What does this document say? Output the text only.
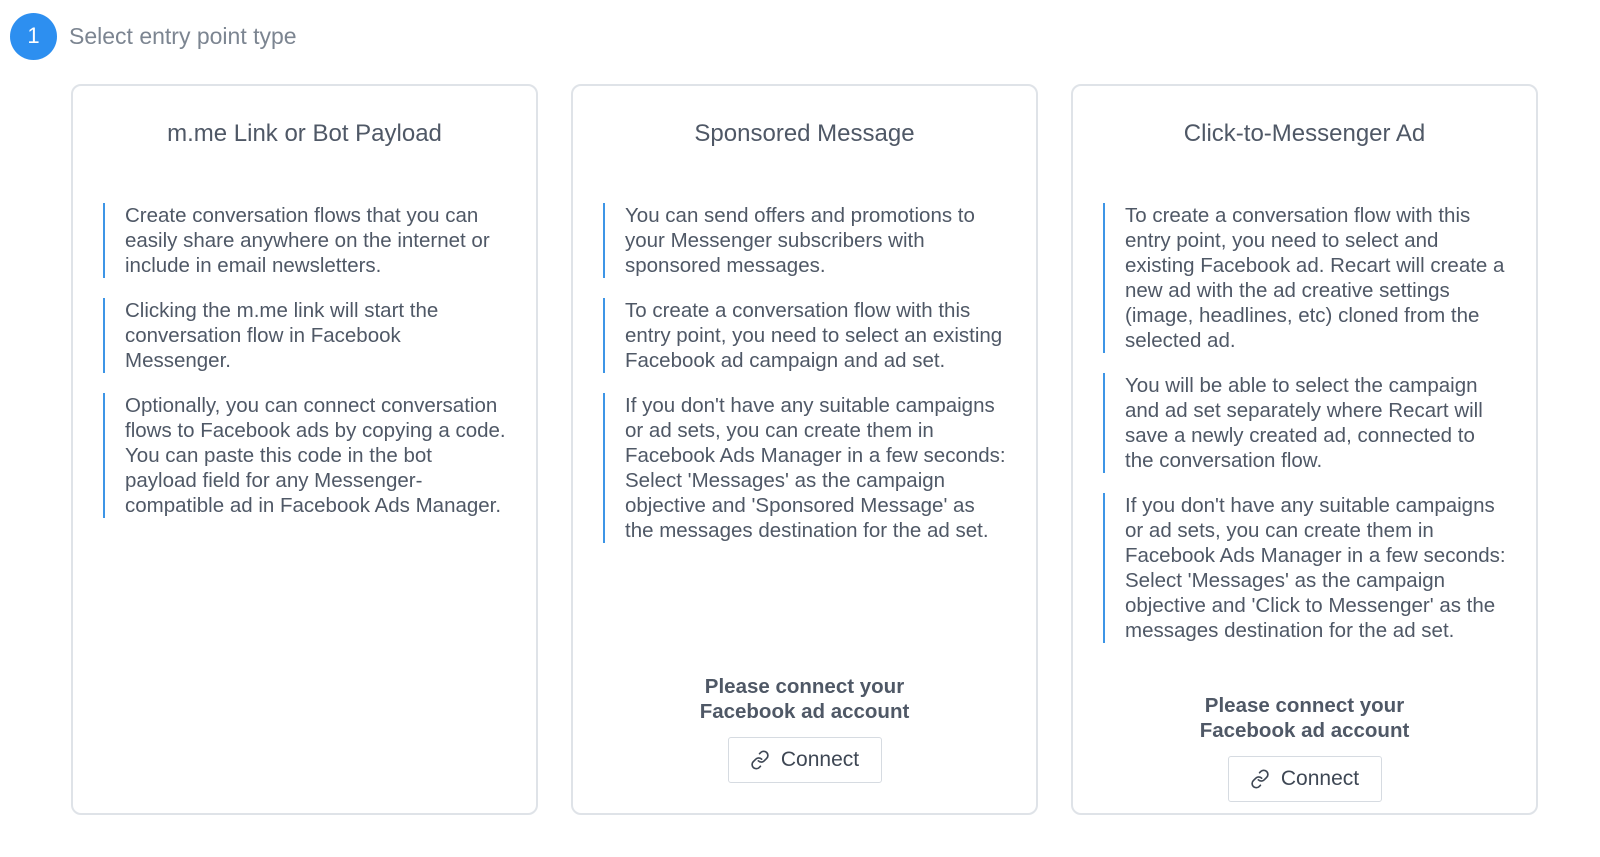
1	Select entry point type
m.me Link or Bot Payload
Create conversation flows that you can easily share anywhere on the internet or include in email newsletters.
Clicking the m.me link will start the conversation flow in Facebook Messenger.
Optionally, you can connect conversation flows to Facebook ads by copying a code. You can paste this code in the bot payload field for any Messenger-compatible ad in Facebook Ads Manager.
Sponsored Message
You can send offers and promotions to your Messenger subscribers with sponsored messages.
To create a conversation flow with this entry point, you need to select an existing Facebook ad campaign and ad set.
If you don't have any suitable campaigns or ad sets, you can create them in Facebook Ads Manager in a few seconds: Select 'Messages' as the campaign objective and 'Sponsored Message' as the messages destination for the ad set.
Please connect your Facebook ad account
Connect
Click-to-Messenger Ad
To create a conversation flow with this entry point, you need to select and existing Facebook ad. Recart will create a new ad with the ad creative settings (image, headlines, etc) cloned from the selected ad.
You will be able to select the campaign and ad set separately where Recart will save a newly created ad, connected to the conversation flow.
If you don't have any suitable campaigns or ad sets, you can create them in Facebook Ads Manager in a few seconds: Select 'Messages' as the campaign objective and 'Click to Messenger' as the messages destination for the ad set.
Please connect your Facebook ad account
Connect
